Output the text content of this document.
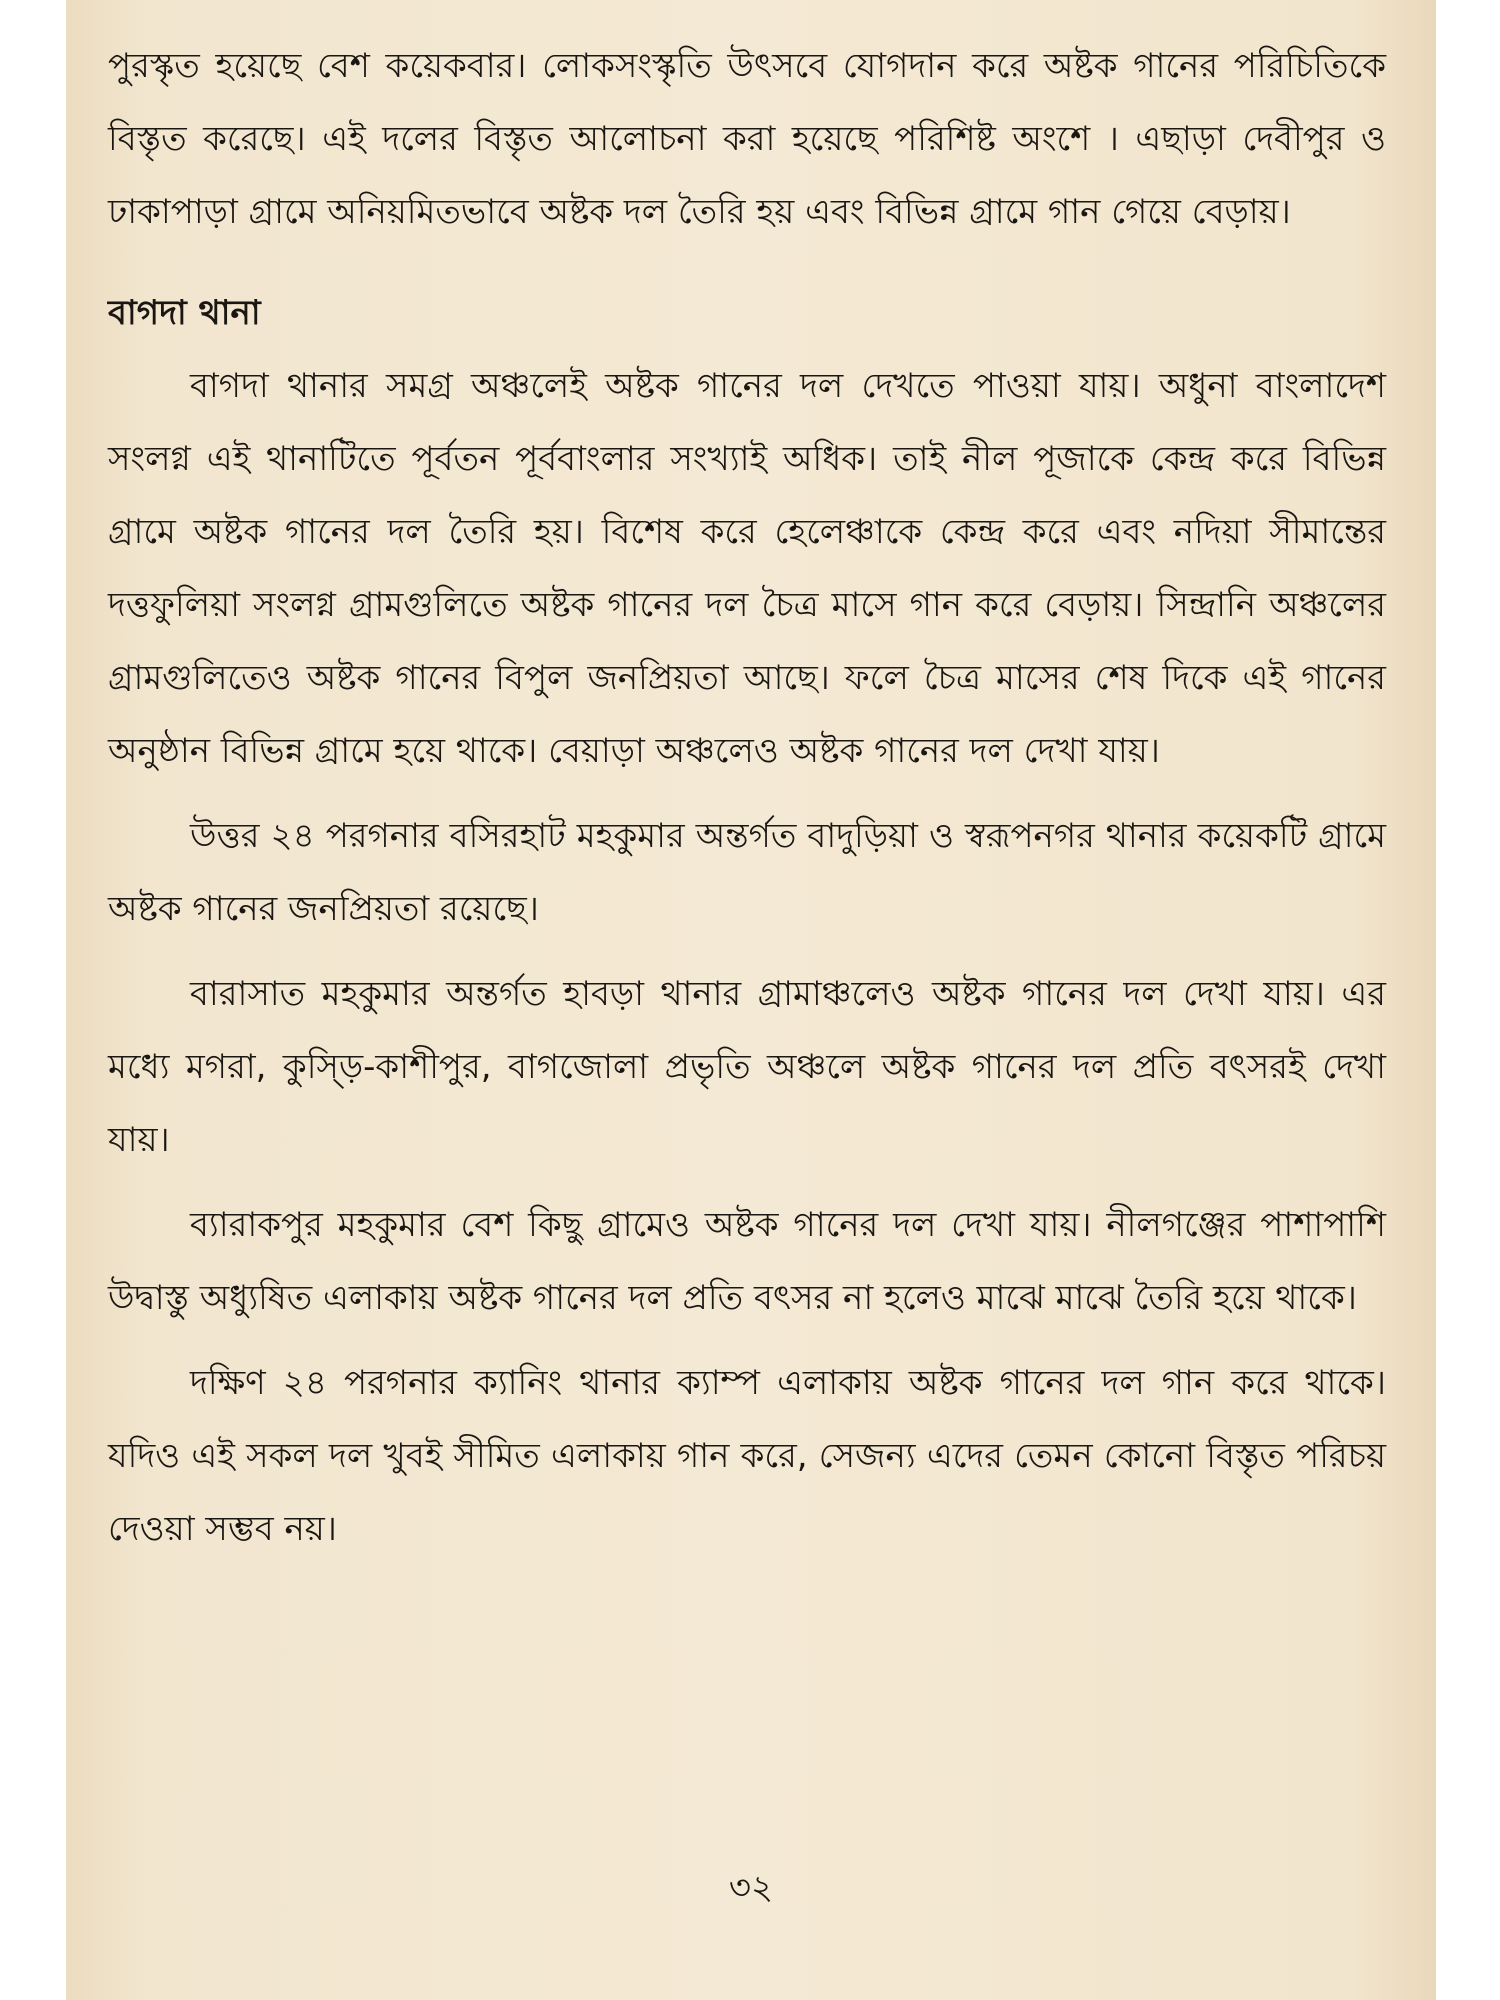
পুরস্কৃত হয়েছে বেশ কয়েকবার। লোকসংস্কৃতি উৎসবে যোগদান করে অষ্টক গানের পরিচিতিকে বিস্তৃত করেছে। এই দলের বিস্তৃত আলোচনা করা হয়েছে পরিশিষ্ট অংশে । এছাড়া দেবীপুর ও ঢাকাপাড়া গ্রামে অনিয়মিতভাবে অষ্টক দল তৈরি হয় এবং বিভিন্ন গ্রামে গান গেয়ে বেড়ায়।

বাগদা থানা

বাগদা থানার সমগ্র অঞ্চলেই অষ্টক গানের দল দেখতে পাওয়া যায়। অধুনা বাংলাদেশ সংলগ্ন এই থানাটিতে পূর্বতন পূর্ববাংলার সংখ্যাই অধিক। তাই নীল পূজাকে কেন্দ্র করে বিভিন্ন গ্রামে অষ্টক গানের দল তৈরি হয়। বিশেষ করে হেলেঞ্চাকে কেন্দ্র করে এবং নদিয়া সীমান্তের দত্তফুলিয়া সংলগ্ন গ্রামগুলিতে অষ্টক গানের দল চৈত্র মাসে গান করে বেড়ায়। সিন্দ্রানি অঞ্চলের গ্রামগুলিতেও অষ্টক গানের বিপুল জনপ্রিয়তা আছে। ফলে চৈত্র মাসের শেষ দিকে এই গানের অনুষ্ঠান বিভিন্ন গ্রামে হয়ে থাকে। বেয়াড়া অঞ্চলেও অষ্টক গানের দল দেখা যায়।

উত্তর ২৪ পরগনার বসিরহাট মহকুমার অন্তর্গত বাদুড়িয়া ও স্বরূপনগর থানার কয়েকটি গ্রামে অষ্টক গানের জনপ্রিয়তা রয়েছে।

বারাসাত মহকুমার অন্তর্গত হাবড়া থানার গ্রামাঞ্চলেও অষ্টক গানের দল দেখা যায়। এর মধ্যে মগরা, কুস্ড়ি-কাশীপুর, বাগজোলা প্রভৃতি অঞ্চলে অষ্টক গানের দল প্রতি বৎসরই দেখা যায়।

ব্যারাকপুর মহকুমার বেশ কিছু গ্রামেও অষ্টক গানের দল দেখা যায়। নীলগঞ্জের পাশাপাশি উদ্বাস্তু অধ্যুষিত এলাকায় অষ্টক গানের দল প্রতি বৎসর না হলেও মাঝে মাঝে তৈরি হয়ে থাকে।

দক্ষিণ ২৪ পরগনার ক্যানিং থানার ক্যাম্প এলাকায় অষ্টক গানের দল গান করে থাকে। যদিও এই সকল দল খুবই সীমিত এলাকায় গান করে, সেজন্য এদের তেমন কোনো বিস্তৃত পরিচয় দেওয়া সম্ভব নয়।

৩২
